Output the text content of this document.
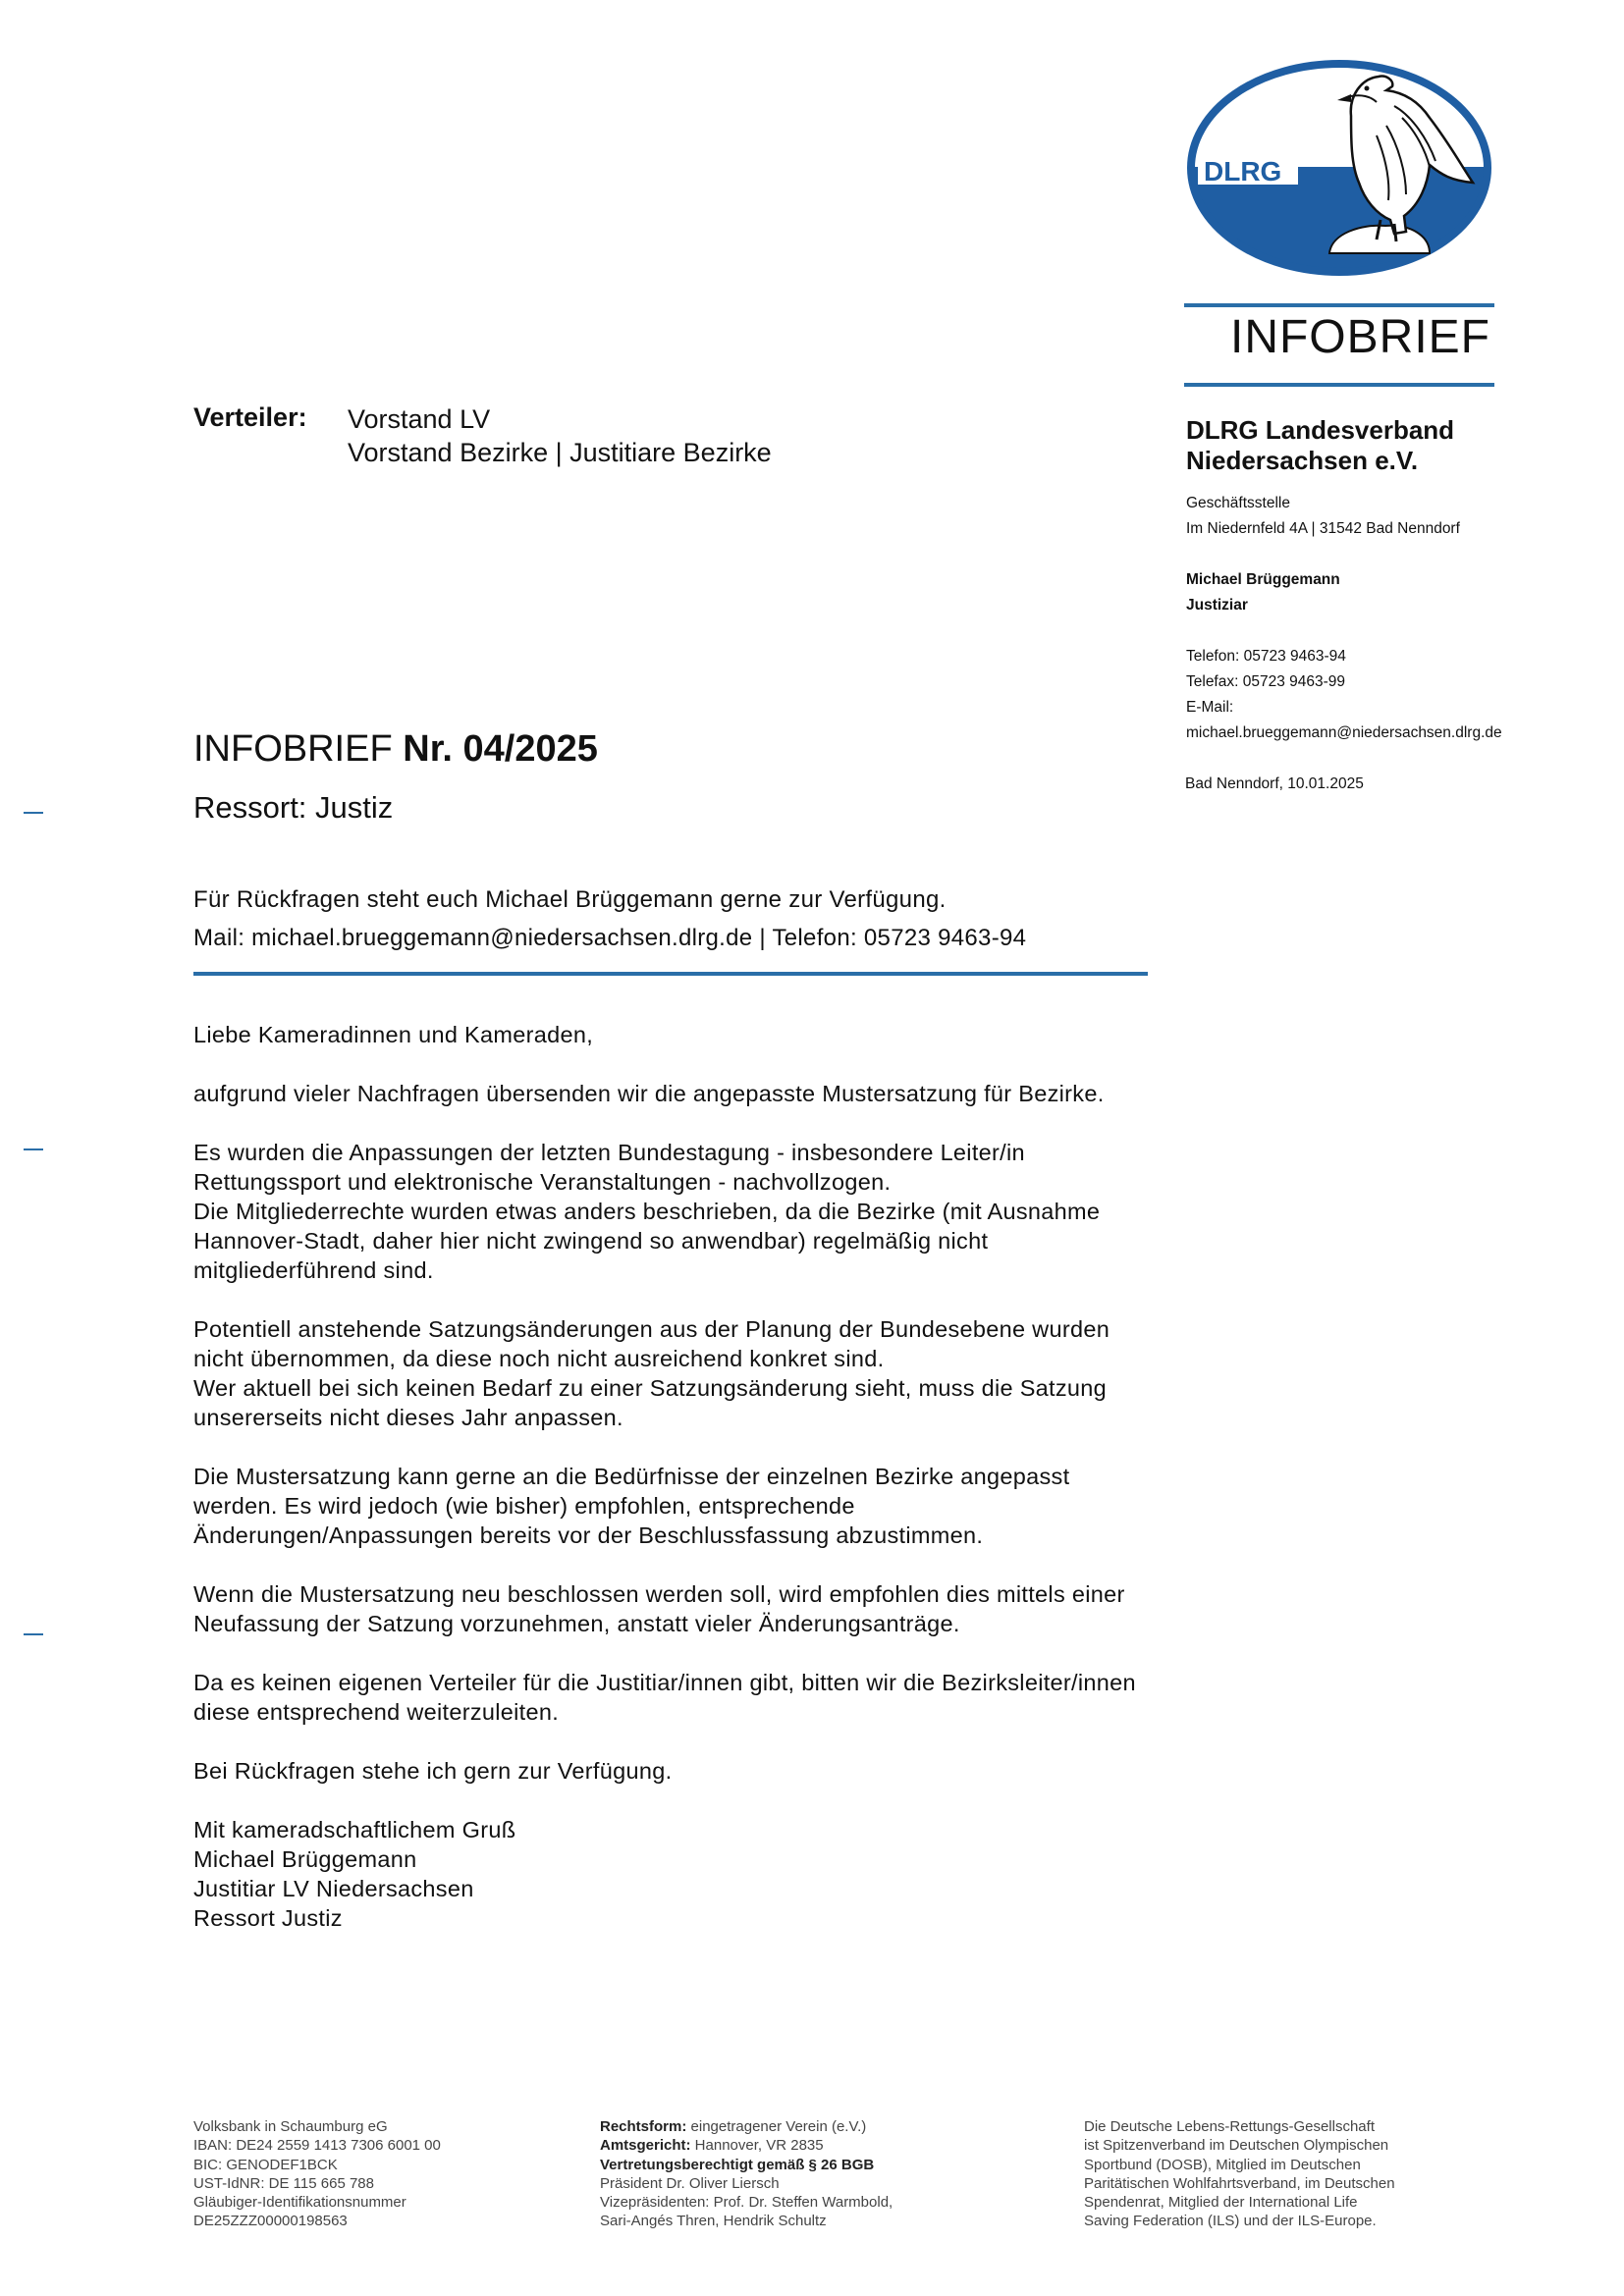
DLRG
INFOBRIEF
DLRG Landesverband
Niedersachsen e.V.
Geschäftsstelle
Im Niedernfeld 4A | 31542 Bad Nenndorf
Michael Brüggemann
Justiziar
Telefon: 05723 9463-94
Telefax: 05723 9463-99
E-Mail:
michael.brueggemann@niedersachsen.dlrg.de
Bad Nenndorf, 10.01.2025
Verteiler: Vorstand LV
Vorstand Bezirke | Justitiare Bezirke
INFOBRIEF Nr. 04/2025
Ressort: Justiz
Für Rückfragen steht euch Michael Brüggemann gerne zur Verfügung.
Mail: michael.brueggemann@niedersachsen.dlrg.de | Telefon: 05723 9463-94

Liebe Kameradinnen und Kameraden,

aufgrund vieler Nachfragen übersenden wir die angepasste Mustersatzung für Bezirke.

Es wurden die Anpassungen der letzten Bundestagung - insbesondere Leiter/in Rettungssport und elektronische Veranstaltungen - nachvollzogen.
Die Mitgliederrechte wurden etwas anders beschrieben, da die Bezirke (mit Ausnahme Hannover-Stadt, daher hier nicht zwingend so anwendbar) regelmäßig nicht mitgliederführend sind.

Potentiell anstehende Satzungsänderungen aus der Planung der Bundesebene wurden nicht übernommen, da diese noch nicht ausreichend konkret sind.
Wer aktuell bei sich keinen Bedarf zu einer Satzungsänderung sieht, muss die Satzung unsererseits nicht dieses Jahr anpassen.

Die Mustersatzung kann gerne an die Bedürfnisse der einzelnen Bezirke angepasst werden. Es wird jedoch (wie bisher) empfohlen, entsprechende Änderungen/Anpassungen bereits vor der Beschlussfassung abzustimmen.

Wenn die Mustersatzung neu beschlossen werden soll, wird empfohlen dies mittels einer Neufassung der Satzung vorzunehmen, anstatt vieler Änderungsanträge.

Da es keinen eigenen Verteiler für die Justitiar/innen gibt, bitten wir die Bezirksleiter/innen diese entsprechend weiterzuleiten.

Bei Rückfragen stehe ich gern zur Verfügung.

Mit kameradschaftlichem Gruß

Michael Brüggemann

Justitiar LV Niedersachsen

Ressort Justiz

Volksbank in Schaumburg eG
IBAN: DE24 2559 1413 7306 6001 00
BIC: GENODEF1BCK
UST-IdNR: DE 115 665 788
Gläubiger-Identifikationsnummer
DE25ZZZ00000198563
Rechtsform: eingetragener Verein (e.V.)
Amtsgericht: Hannover, VR 2835
Vertretungsberechtigt gemäß § 26 BGB
Präsident Dr. Oliver Liersch
Vizepräsidenten: Prof. Dr. Steffen Warmbold,
Sari-Angés Thren, Hendrik Schultz
Die Deutsche Lebens-Rettungs-Gesellschaft
ist Spitzenverband im Deutschen Olympischen
Sportbund (DOSB), Mitglied im Deutschen
Paritätischen Wohlfahrtsverband, im Deutschen
Spendenrat, Mitglied der International Life
Saving Federation (ILS) und der ILS-Europe.
